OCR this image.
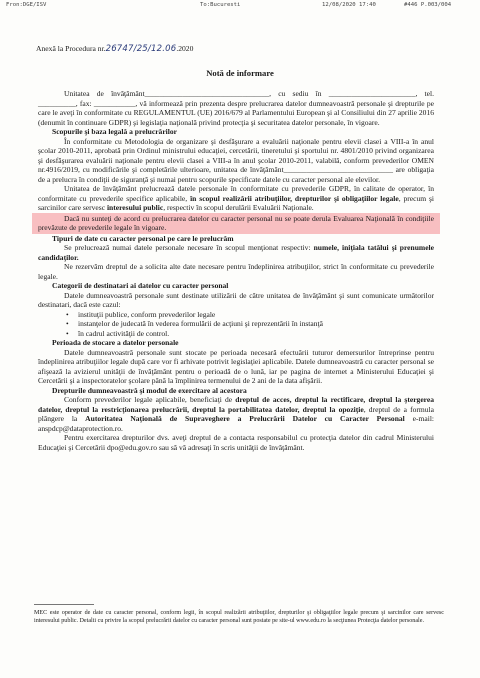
Fron:DGE/ISV	To:Bucuresti	12/08/2020 17:40	#446 P.003/004
Anexă la Procedura nr.26747/25/12.06.2020
Notă de informare

Unitatea de învăţământ_________________________________, cu sediu în _______________________, tel. __________, fax: ___________, vă informează prin prezenta despre prelucrarea datelor dumneavoastră personale şi drepturile pe care le aveţi în conformitate cu REGULAMENTUL (UE) 2016/679 al Parlamentului European şi al Consiliului din 27 aprilie 2016 (denumit în continuare GDPR) şi legislaţia naţională privind protecţia şi securitatea datelor personale, în vigoare.

Scopurile şi baza legală a prelucrărilor

În conformitate cu Metodologia de organizare şi desfăşurare a evaluării naţionale pentru elevii clasei a VIII-a în anul şcolar 2010-2011, aprobată prin Ordinul ministrului educaţiei, cercetării, tineretului şi sportului nr. 4801/2010 privind organizarea şi desfăşurarea evaluării naţionale pentru elevii clasei a VIII-a în anul şcolar 2010-2011, valabilă, conform prevederilor OMEN nr.4916/2019, cu modificările şi completările ulterioare, unitatea de învăţământ_____________________________ are obligaţia de a prelucra în condiţii de siguranţă şi numai pentru scopurile specificate datele cu caracter personal ale elevilor.

Unitatea de învăţământ prelucrează datele personale în conformitate cu prevederile GDPR, în calitate de operator, în conformitate cu prevederile specifice aplicabile, în scopul realizării atribuţiilor, drepturilor şi obligaţiilor legale, precum şi sarcinilor care servesc interesului public, respectiv în scopul derulării Evaluării Naţionale.

Dacă nu sunteţi de acord cu prelucrarea datelor cu caracter personal nu se poate derula Evaluarea Naţională în condiţiile prevăzute de prevederile legale în vigoare.

Tipuri de date cu caracter personal pe care le prelucrăm

Se prelucrează numai datele personale necesare în scopul menţionat respectiv: numele, iniţiala tatălui şi prenumele candidaţilor.

Ne rezervăm dreptul de a solicita alte date necesare pentru îndeplinirea atribuţiilor, strict în conformitate cu prevederile legale.

Categorii de destinatari ai datelor cu caracter personal

Datele dumneavoastră personale sunt destinate utilizării de către unitatea de învăţământ şi sunt comunicate următorilor destinatari, dacă este cazul:

• instituţii publice, conform prevederilor legale
• instanţelor de judecată în vederea formulării de acţiuni şi reprezentării în instanţă
• în cadrul activităţii de control.
Perioada de stocare a datelor personale

Datele dumneavoastră personale sunt stocate pe perioada necesară efectuării tuturor demersurilor întreprinse pentru îndeplinirea atribuţiilor legale după care vor fi arhivate potrivit legislaţiei aplicabile. Datele dumneavoastră cu caracter personal se afişează la avizierul unităţii de învăţământ pentru o perioadă de o lună, iar pe pagina de internet a Ministerului Educaţiei şi Cercetării şi a inspectoratelor şcolare până la împlinirea termenului de 2 ani de la data afişării.

Drepturile dumneavoastră şi modul de exercitare al acestora

Conform prevederilor legale aplicabile, beneficiaţi de dreptul de acces, dreptul la rectificare, dreptul la ştergerea datelor, dreptul la restricţionarea prelucrării, dreptul la portabilitatea datelor, dreptul la opoziţie, dreptul de a formula plângere la Autoritatea Naţională de Supraveghere a Prelucrării Datelor cu Caracter Personal e-mail: anspdcp@dataprotection.ro.

Pentru exercitarea drepturilor dvs. aveţi dreptul de a contacta responsabilul cu protecţia datelor din cadrul Ministerului Educaţiei şi Cercetării dpo@edu.gov.ro sau să vă adresaţi în scris unităţii de învăţământ.

MEC este operator de date cu caracter personal, conform legii, în scopul realizării atribuţiilor, drepturilor şi obligaţiilor legale precum şi sarcinilor care servesc interesului public. Detalii cu privire la scopul prelucrării datelor cu caracter personal sunt postate pe site-ul www.edu.ro la secţiunea Protecţia datelor personale.
